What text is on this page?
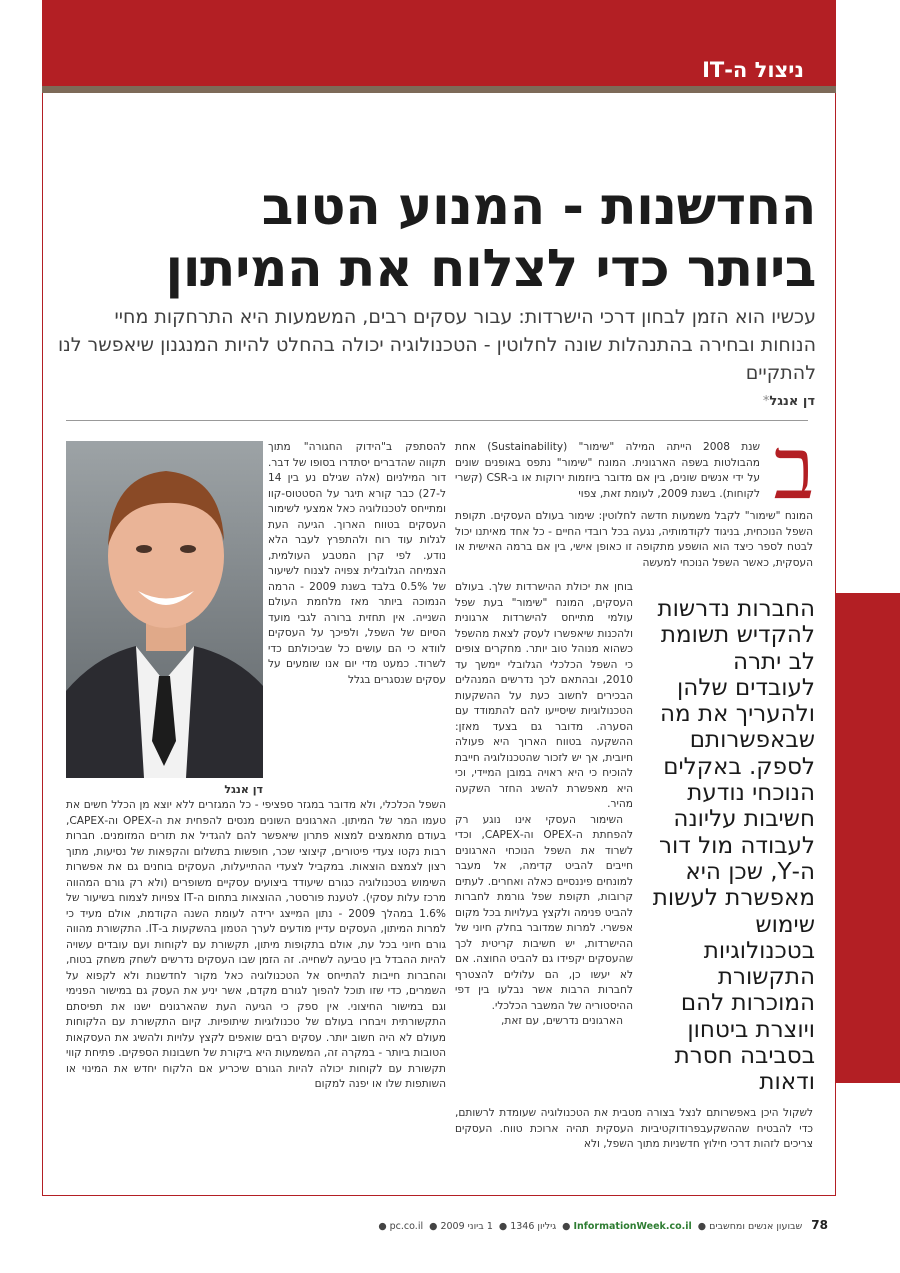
ניצול ה-IT
החדשנות - המנוע הטוב
ביותר כדי לצלוח את המיתון
עכשיו הוא הזמן לבחון דרכי הישרדות: עבור עסקים רבים, המשמעות היא התרחקות מחיי הנוחות ובחירה בהתנהלות שונה לחלוטין - הטכנולוגיה יכולה בהחלט להיות המנגנון שיאפשר לנו להתקיים
דן אנגל*
ב
שנת 2008 הייתה המילה "שימור" (Sustainability) אחת מהבולטות בשפה הארגונית. המונח "שימור" נתפס באופנים שונים על ידי אנשים שונים, בין אם מדובר ביוזמות ירוקות או ב-CSR (קשרי לקוחות). בשנת 2009, לעומת זאת, צפוי
המונח "שימור" לקבל משמעות חדשה לחלוטין: שימור בעולם העסקים. תקופת השפל הנוכחית, בניגוד לקודמותיה, נגעה בכל רובדי החיים - כל אחד מאיתנו יכול לבטח לספר כיצד הוא הושפע מתקופה זו כאופן אישי, בין אם ברמה האישית או העסקית, כאשר השפל הנוכחי למעשה

בוחן את יכולת ההישרדות שלך. בעולם העסקים, המונח "שימור" בעת שפל עולמי מתייחס להישרדות ארגונית ולהכנות שיאפשרו לעסק לצאת מהשפל כשהוא מנוהל טוב יותר. מחקרים צופים כי השפל הכלכלי הגלובלי יימשך עד 2010, ובהתאם לכך נדרשים המנהלים הבכירים לחשוב כעת על ההשקעות הטכנולוגיות שיסייעו להם להתמודד עם הסערה. מדובר גם בצעד מאזן: ההשקעה בטווח הארוך היא פעולה חיובית, אך יש לזכור שהטכנולוגיה חייבת להוכיח כי היא ראויה במובן המיידי, וכי היא מאפשרת להשיג החזר השקעה מהיר.

השימור העסקי אינו נוגע רק להפחתת ה-OPEX וה-CAPEX, וכדי לשרוד את השפל הנוכחי הארגונים חייבים להביט קדימה, אל מעבר למונחים פיננסיים כאלה ואחרים. לעתים קרובות, תקופת שפל גורמת לחברות להביט פנימה ולקצץ בעלויות בכל מקום אפשרי. למרות שמדובר בחלק חיוני של ההישרדות, יש חשיבות קריטית לכך שהעסקים יקפידו גם להביט החוצה. אם לא יעשו כן, הם עלולים להצטרף לחברות הרבות אשר נבלעו בין דפי ההיסטוריה של המשבר הכלכלי.

הארגונים נדרשים, עם זאת,

החברות נדרשות להקדיש תשומת לב יתרה לעובדים שלהן ולהעריך את מה שבאפשרותם לספק. באקלים הנוכחי נודעת חשיבות עליונה לעבודה מול דור ה-Y, שכן היא מאפשרת לעשות שימוש בטכנולוגיות התקשורת המוכרות להם ויוצרת ביטחון בסביבה חסרת ודאות
לשקול היכן באפשרותם לנצל בצורה מטבית את הטכנולוגיה שעומדת לרשותם, כדי להבטיח שההשקעבפרודוקטיביות העסקית תהיה ארוכת טווח. העסקים צריכים לזהות דרכי חילוץ חדשניות מתוך השפל, ולא
דן אנגל
להסתפק ב"הידוק החגורה" מתוך תקווה שהדברים יסתדרו בסופו של דבר. דור המילניום (אלה שגילם נע בין 14 ל-27) כבר קורא תיגר על הסטטוס-קוו ומתייחס לטכנולוגיה כאל אמצעי לשימור העסקים בטווח הארוך. הגיעה העת לגלות עוד רוח ולהתפרץ לעבר הלא נודע. לפי קרן המטבע העולמית, הצמיחה הגלובלית צפויה לצנוח לשיעור של 0.5% בלבד בשנת 2009 - הרמה הנמוכה ביותר מאז מלחמת העולם השנייה. אין תחזית ברורה לגבי מועד הסיום של השפל, ולפיכך על העסקים לוודא כי הם עושים כל שביכולתם כדי לשרוד. כמעט מדי יום אנו שומעים על עסקים שנסגרים בגלל
השפל הכלכלי, ולא מדובר במגזר ספציפי - כל המגזרים ללא יוצא מן הכלל חשים את טעמו המר של המיתון. הארגונים השונים מנסים להפחית את ה-OPEX וה-CAPEX, בעודם מתאמצים למצוא פתרון שיאפשר להם להגדיל את תזרים המזומנים. חברות רבות נקטו צעדי פיטורים, קיצוצי שכר, חופשות בתשלום והקפאות של נסיעות, מתוך רצון לצמצם הוצאות. במקביל לצעדי ההתייעלות, העסקים בוחנים גם את אפשרות השימוש בטכנולוגיה כגורם שיעודד ביצועים עסקיים משופרים (ולא רק גורם המהווה מרכז עלות עסקי). לטענת פורסטר, ההוצאות בתחום ה-IT צפויות לצמוח בשיעור של 1.6% במהלך 2009 - נתון המייצג ירידה לעומת השנה הקודמת, אולם מעיד כי למרות המיתון, העסקים עדיין מודעים לערך הטמון בהשקעות ב-IT. התקשורת מהווה גורם חיוני בכל עת, אולם בתקופות מיתון, תקשורת עם לקוחות ועם עובדים עשויה להיות ההבדל בין טביעה לשחייה. זה הזמן שבו העסקים נדרשים לשחק משחק בטוח, והחברות חייבות להתייחס אל הטכנולוגיה כאל מקור לחדשנות ולא לקפוא על השמרים, כדי שזו תוכל להפוך לגורם מקדם, אשר יניע את העסק גם במישור הפנימי וגם במישור החיצוני. אין ספק כי הגיעה העת שהארגונים ישנו את תפיסתם התקשורתית ויבחרו בעולם של טכנולוגיות שיתופיות. קיום התקשורת עם הלקוחות מעולם לא היה חשוב יותר. עסקים רבים שואפים לקצץ עלויות ולהשיג את העסקאות הטובות ביותר - במקרה זה, המשמעות היא ביקורת של חשבונות הספקים. פתיחת קווי תקשורת עם לקוחות יכולה להיות הגורם שיכריע אם הלקוח יחדש את המינוי או השותפות שלו או יפנה למקום
78 שבועון אנשים ומחשבים● InformationWeek.co.il● גיליון 1346● 1 ביוני 2009● pc.co.il●
